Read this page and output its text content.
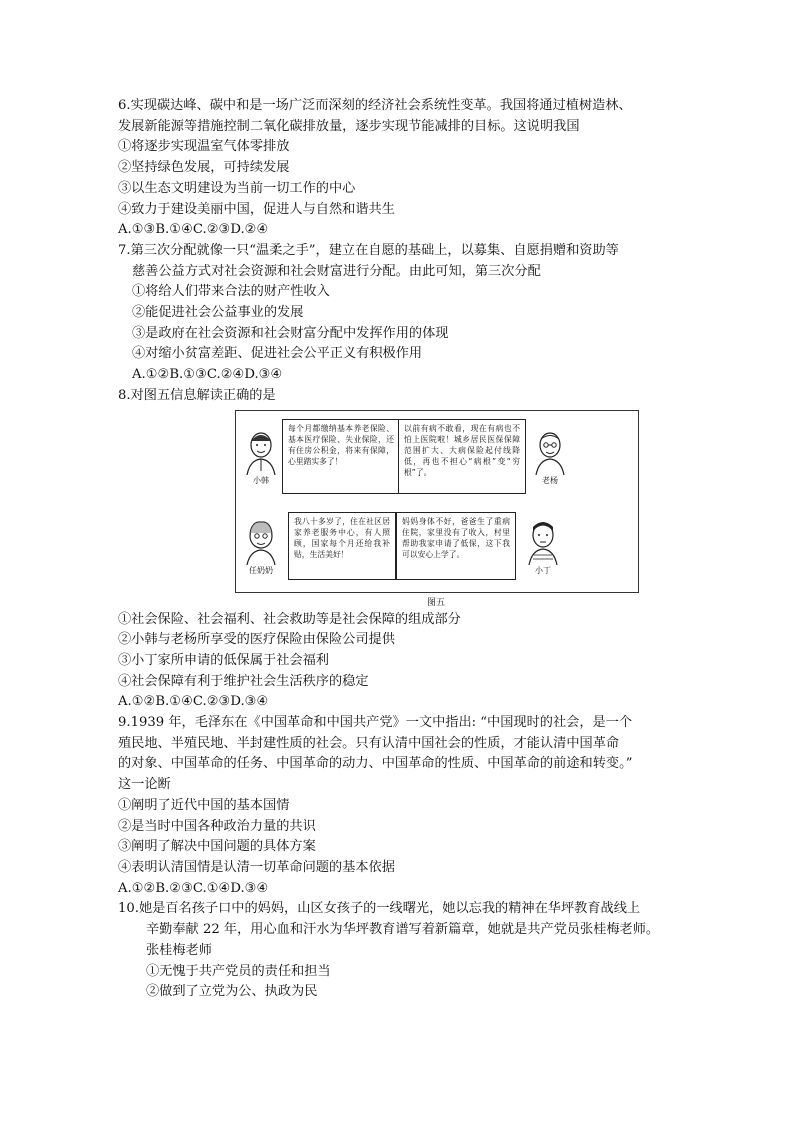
6.实现碳达峰、碳中和是一场广泛而深刻的经济社会系统性变革。我国将通过植树造林、
发展新能源等措施控制二氧化碳排放量，逐步实现节能减排的目标。这说明我国
①将逐步实现温室气体零排放
②坚持绿色发展，可持续发展
③以生态文明建设为当前一切工作的中心
④致力于建设美丽中国，促进人与自然和谐共生
A.①③B.①④C.②③D.②④
7.第三次分配就像一只“温柔之手”，建立在自愿的基础上，以募集、自愿捐赠和资助等
慈善公益方式对社会资源和社会财富进行分配。由此可知，第三次分配
①将给人们带来合法的财产性收入
②能促进社会公益事业的发展
③是政府在社会资源和社会财富分配中发挥作用的体现
④对缩小贫富差距、促进社会公平正义有积极作用
A.①②B.①③C.②④D.③④
8.对图五信息解读正确的是
小韩
每个月都缴纳基本养老保险、基本医疗保险、失业保险，还有住房公积金，将来有保障，心里踏实多了！
以前有病不敢看，现在有病也不怕上医院啦！城乡居民医保保障范围扩大、大病保险起付线降低，再也不担心“病根”变“穷根”了。
老杨
任奶奶
我八十多岁了，住在社区居家养老服务中心，有人照顾，国家每个月还给我补贴，生活美好！
妈妈身体不好，爸爸生了重病住院，家里没有了收入，村里帮助我家申请了低保，这下我可以安心上学了。
小丁
图五
①社会保险、社会福利、社会救助等是社会保障的组成部分
②小韩与老杨所享受的医疗保险由保险公司提供
③小丁家所申请的低保属于社会福利
④社会保障有利于维护社会生活秩序的稳定
A.①②B.①④C.②③D.③④
9.1939 年，毛泽东在《中国革命和中国共产党》一文中指出: “中国现时的社会，是一个
殖民地、半殖民地、半封建性质的社会。只有认清中国社会的性质，才能认清中国革命
的对象、中国革命的任务、中国革命的动力、中国革命的性质、中国革命的前途和转变。”
这一论断
①阐明了近代中国的基本国情
②是当时中国各种政治力量的共识
③阐明了解决中国问题的具体方案
④表明认清国情是认清一切革命问题的基本依据
A.①②B.②③C.①④D.③④
10.她是百名孩子口中的妈妈，山区女孩子的一线曙光，她以忘我的精神在华坪教育战线上
辛勤奉献 22 年，用心血和汗水为华坪教育谱写着新篇章，她就是共产党员张桂梅老师。
张桂梅老师
①无愧于共产党员的责任和担当
②做到了立党为公、执政为民
